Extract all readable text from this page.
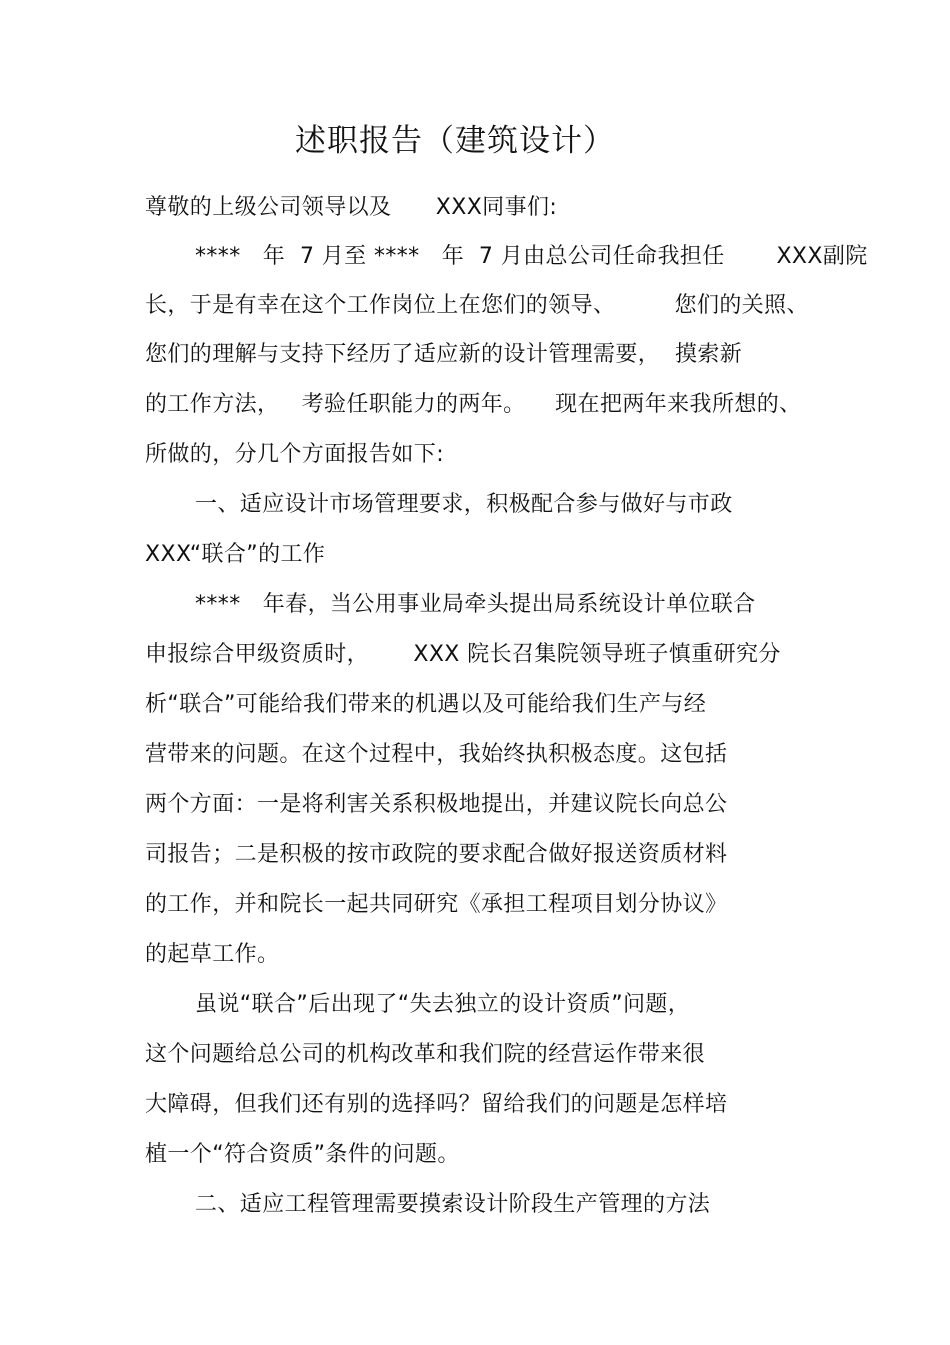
述职报告（建筑设计）
尊敬的上级公司领导以及      XXX同事们:
****   年  7 月至 ****   年  7 月由总公司任命我担任       XXX副院
长，于是有幸在这个工作岗位上在您们的领导、        您们的关照、
您们的理解与支持下经历了适应新的设计管理需要，  摸索新
的工作方法，   考验任职能力的两年。    现在把两年来我所想的、
所做的，分几个方面报告如下:
一、适应设计市场管理要求，积极配合参与做好与市政
XXX“联合”的工作
****   年春，当公用事业局牵头提出局系统设计单位联合
申报综合甲级资质时，      XXX 院长召集院领导班子慎重研究分
析“联合”可能给我们带来的机遇以及可能给我们生产与经
营带来的问题。在这个过程中，我始终执积极态度。这包括
两个方面：一是将利害关系积极地提出，并建议院长向总公
司报告；二是积极的按市政院的要求配合做好报送资质材料
的工作，并和院长一起共同研究《承担工程项目划分协议》
的起草工作。
虽说“联合”后出现了“失去独立的设计资质”问题，
这个问题给总公司的机构改革和我们院的经营运作带来很
大障碍，但我们还有别的选择吗？留给我们的问题是怎样培
植一个“符合资质”条件的问题。
二、适应工程管理需要摸索设计阶段生产管理的方法
